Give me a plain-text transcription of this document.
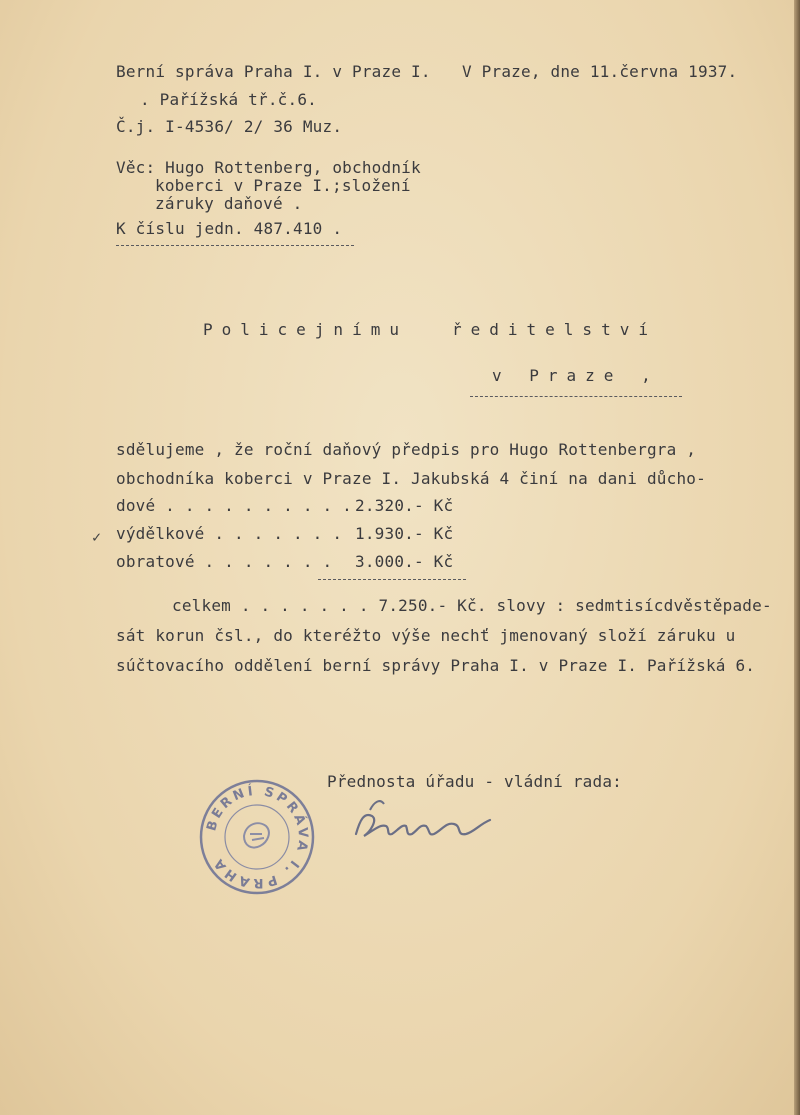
Berní správa Praha I. v Praze I. V Praze, dne 11.června 1937.
. Pařížská tř.č.6.
Č.j. I-4536/ 2/ 36 Muz.
Věc: Hugo Rottenberg, obchodník
koberci v Praze I.;složení
záruky daňové .
K číslu jedn. 487.410 .
Policejnímu	ředitelství
v Praze ,
sdělujeme , že roční daňový předpis pro Hugo Rottenbergra ,
obchodníka koberci v Praze I. Jakubská 4 činí na dani důcho-
dové . . . . . . . . . . 2.320.- Kč
✓ výdělkové . . . . . . . 1.930.- Kč
obratové . . . . . . . 3.000.- Kč
celkem . . . . . . . 7.250.- Kč. slovy : sedmtisícdvěstěpade-
sát korun čsl., do kteréžto výše nechť jmenovaný složí záruku u
súčtovacího oddělení berní správy Praha I. v Praze I. Pařížská 6.
Přednosta úřadu - vládní rada:
BERNÍ SPRÁVA I. PRAHA
